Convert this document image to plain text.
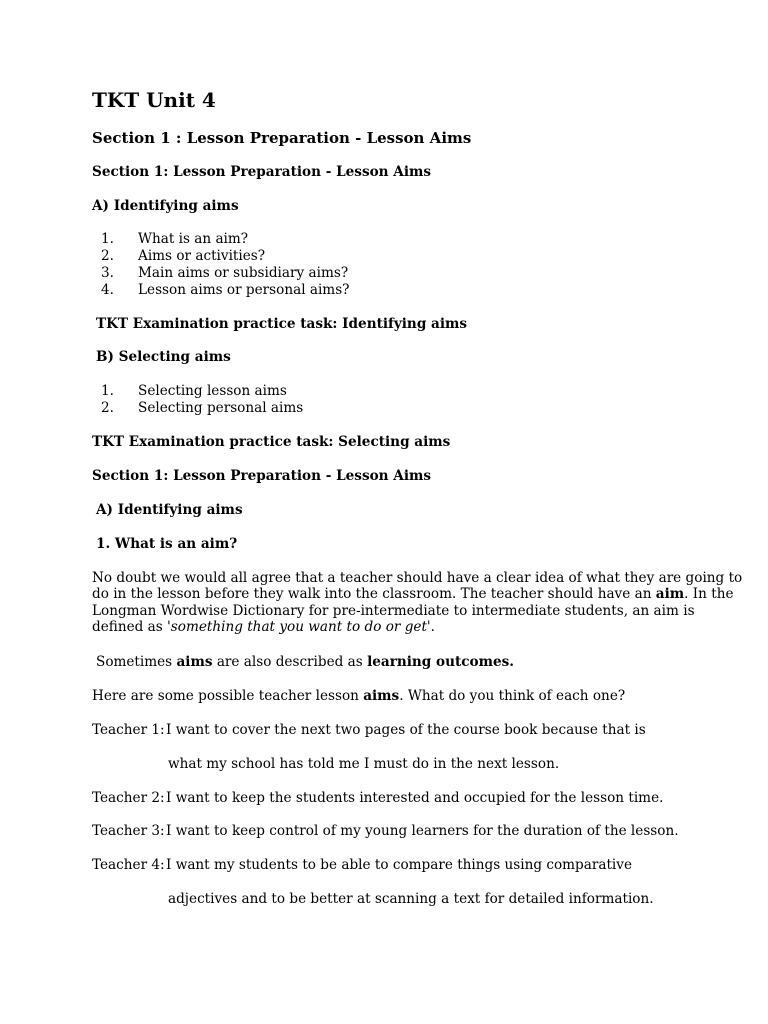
TKT Unit 4

Section 1 : Lesson Preparation - Lesson Aims

Section 1: Lesson Preparation - Lesson Aims

A) Identifying aims

1. What is an aim?

2. Aims or activities?

3. Main aims or subsidiary aims?

4. Lesson aims or personal aims?

TKT Examination practice task: Identifying aims

B) Selecting aims

1. Selecting lesson aims

2. Selecting personal aims

TKT Examination practice task: Selecting aims

Section 1: Lesson Preparation - Lesson Aims

A) Identifying aims

1. What is an aim?

No doubt we would all agree that a teacher should have a clear idea of what they are going to
do in the lesson before they walk into the classroom. The teacher should have an aim. In the
Longman Wordwise Dictionary for pre-intermediate to intermediate students, an aim is
defined as 'something that you want to do or get'.

Sometimes aims are also described as learning outcomes.

Here are some possible teacher lesson aims. What do you think of each one?

Teacher 1:I want to cover the next two pages of the course book because that is

what my school has told me I must do in the next lesson.

Teacher 2:I want to keep the students interested and occupied for the lesson time.

Teacher 3:I want to keep control of my young learners for the duration of the lesson.

Teacher 4:I want my students to be able to compare things using comparative

adjectives and to be better at scanning a text for detailed information.
